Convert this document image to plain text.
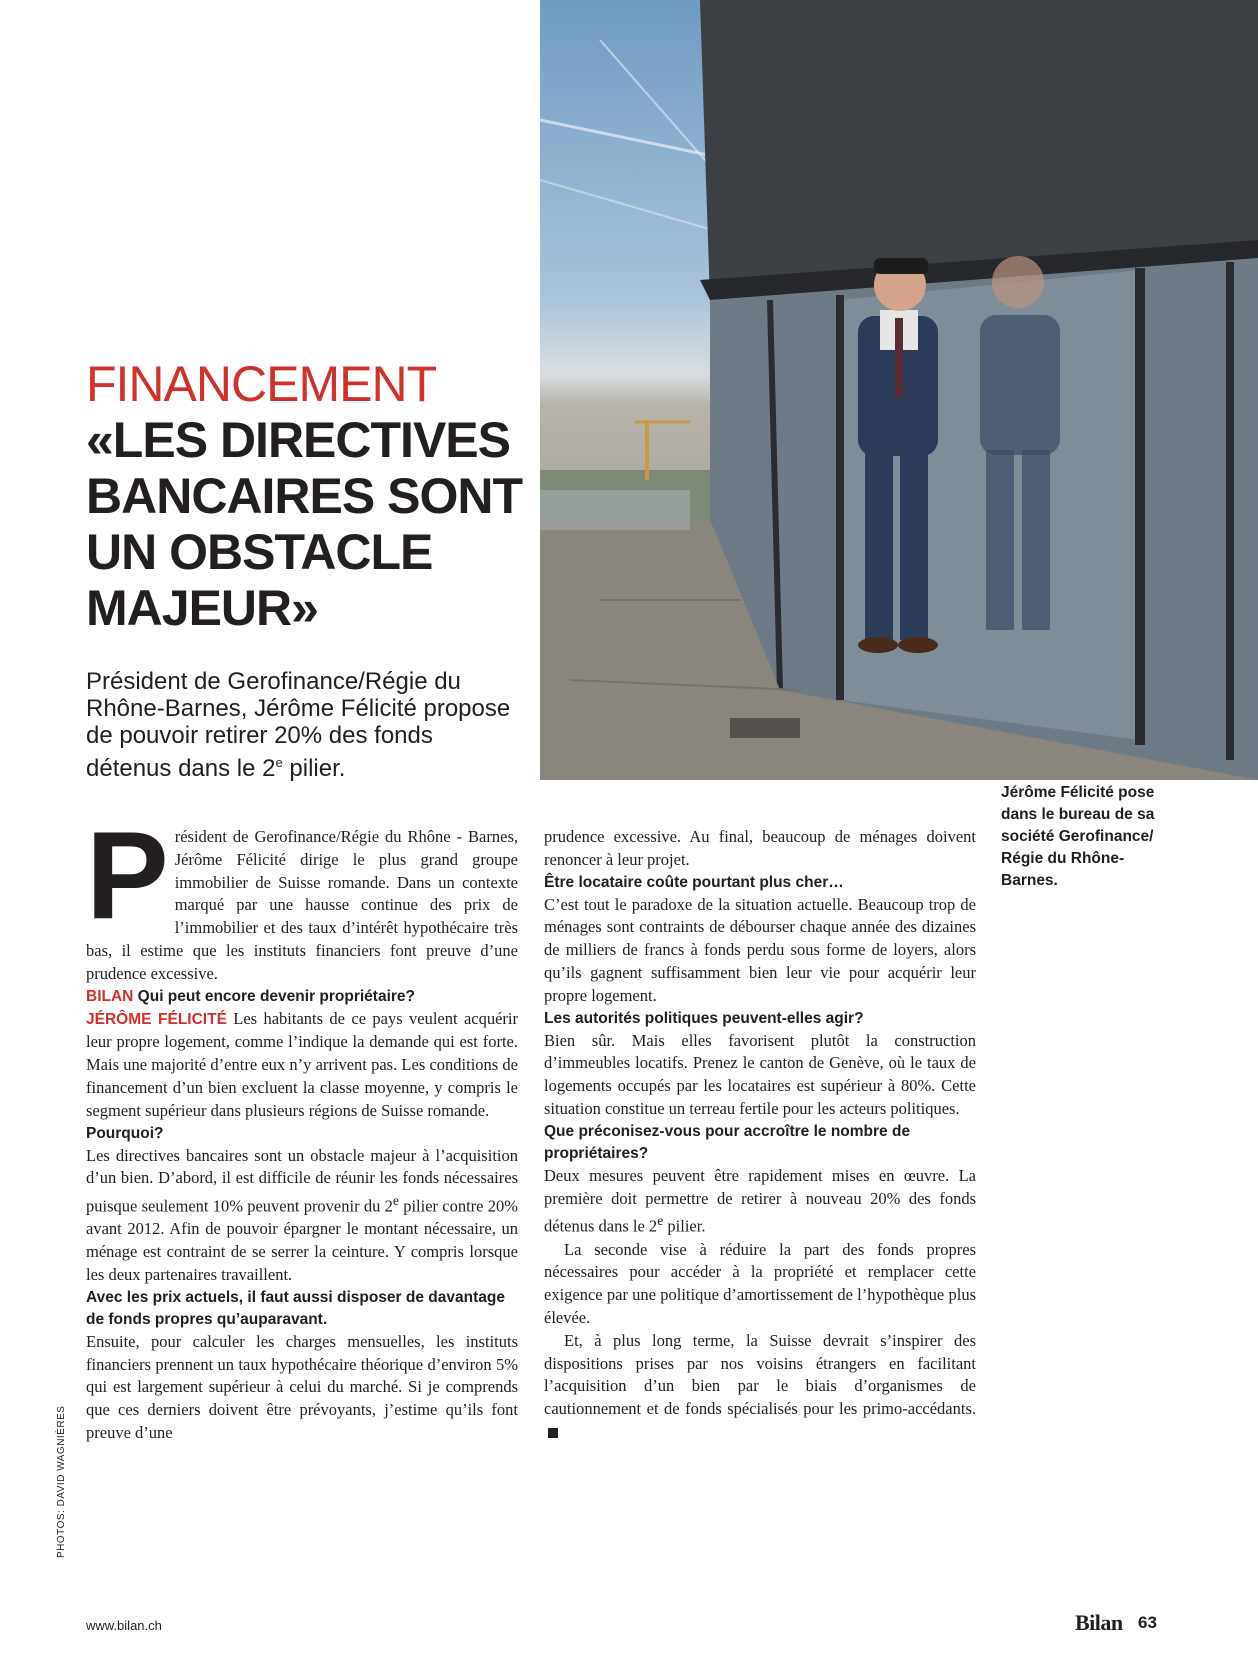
FINANCEMENT
«LES DIRECTIVES BANCAIRES SONT UN OBSTACLE MAJEUR»

Président de Gerofinance/Régie du Rhône-Barnes, Jérôme Félicité propose de pouvoir retirer 20% des fonds détenus dans le 2e pilier.

Jérôme Félicité pose dans le bureau de sa société Gerofinance/ Régie du Rhône-Barnes.

Président de Gerofinance/Régie du Rhône - Barnes, Jérôme Félicité dirige le plus grand groupe immobilier de Suisse romande. Dans un contexte marqué par une hausse continue des prix de l’immobilier et des taux d’intérêt hypothécaire très bas, il estime que les instituts financiers font preuve d’une prudence excessive.

BILAN Qui peut encore devenir propriétaire?

JÉRÔME FÉLICITÉ Les habitants de ce pays veulent acquérir leur propre logement, comme l’indique la demande qui est forte. Mais une majorité d’entre eux n’y arrivent pas. Les conditions de financement d’un bien excluent la classe moyenne, y compris le segment supérieur dans plusieurs régions de Suisse romande.

Pourquoi?

Les directives bancaires sont un obstacle majeur à l’acquisition d’un bien. D’abord, il est difficile de réunir les fonds nécessaires puisque seulement 10% peuvent provenir du 2e pilier contre 20% avant 2012. Afin de pouvoir épargner le montant nécessaire, un ménage est contraint de se serrer la ceinture. Y compris lorsque les deux partenaires travaillent.

Avec les prix actuels, il faut aussi disposer de davantage de fonds propres qu’auparavant.

Ensuite, pour calculer les charges mensuelles, les instituts financiers prennent un taux hypothécaire théorique d’environ 5% qui est largement supérieur à celui du marché. Si je comprends que ces derniers doivent être prévoyants, j’estime qu’ils font preuve d’une

prudence excessive. Au final, beaucoup de ménages doivent renoncer à leur projet.

Être locataire coûte pourtant plus cher…

C’est tout le paradoxe de la situation actuelle. Beaucoup trop de ménages sont contraints de débourser chaque année des dizaines de milliers de francs à fonds perdu sous forme de loyers, alors qu’ils gagnent suffisamment bien leur vie pour acquérir leur propre logement.

Les autorités politiques peuvent-elles agir?

Bien sûr. Mais elles favorisent plutôt la construction d’immeubles locatifs. Prenez le canton de Genève, où le taux de logements occupés par les locataires est supérieur à 80%. Cette situation constitue un terreau fertile pour les acteurs politiques.

Que préconisez-vous pour accroître le nombre de propriétaires?

Deux mesures peuvent être rapidement mises en œuvre. La première doit permettre de retirer à nouveau 20% des fonds détenus dans le 2e pilier.

La seconde vise à réduire la part des fonds propres nécessaires pour accéder à la propriété et remplacer cette exigence par une politique d’amortissement de l’hypothèque plus élevée.

Et, à plus long terme, la Suisse devrait s’inspirer des dispositions prises par nos voisins étrangers en facilitant l’acquisition d’un bien par le biais d’organismes de cautionnement et de fonds spécialisés pour les primo-accédants.

PHOTOS: DAVID WAGNIÈRES
www.bilan.ch	Bilan 63
